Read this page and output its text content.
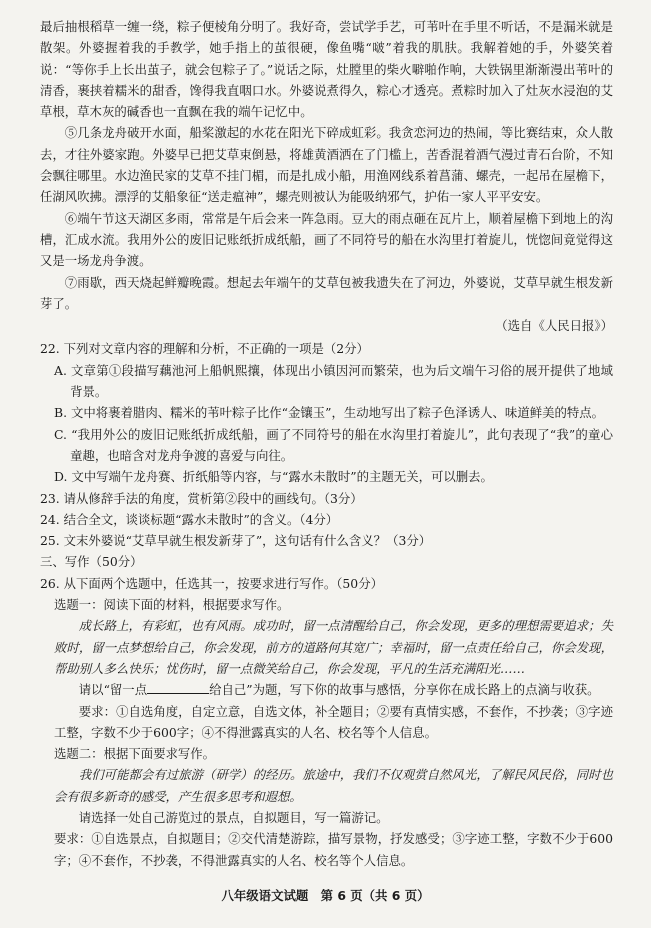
最后抽根稻草一缠一绕，粽子便棱角分明了。我好奇，尝试学手艺，可苇叶在手里不听话，不是漏米就是散架。外婆握着我的手教学，她手指上的茧很硬，像鱼嘴“啵”着我的肌肤。我解着她的手，外婆笑着说：“等你手上长出茧子，就会包粽子了。”说话之际，灶膛里的柴火噼啪作响，大铁锅里渐渐漫出苇叶的清香，裹挟着糯米的甜香，馋得我直咽口水。外婆说煮得久，粽心才透亮。煮粽时加入了灶灰水浸泡的艾草根，草木灰的碱香也一直飘在我的端午记忆中。

⑤几条龙舟破开水面，船桨激起的水花在阳光下碎成虹彩。我贪恋河边的热闹，等比赛结束，众人散去，才往外婆家跑。外婆早已把艾草束倒悬，将雄黄酒洒在了门槛上，苦香混着酒气漫过青石台阶，不知会飘往哪里。水边渔民家的艾草不挂门楣，而是扎成小船，用渔网线系着菖蒲、螺壳，一起吊在屋檐下，任湖风吹拂。漂浮的艾船象征“送走瘟神”，螺壳则被认为能吸纳邪气，护佑一家人平平安安。

⑥端午节这天湖区多雨，常常是午后会来一阵急雨。豆大的雨点砸在瓦片上，顺着屋檐下到地上的沟槽，汇成水流。我用外公的废旧记账纸折成纸船，画了不同符号的船在水沟里打着旋儿，恍惚间竟觉得这又是一场龙舟争渡。

⑦雨歇，西天烧起鲜瓣晚霞。想起去年端午的艾草包被我遗失在了河边，外婆说，艾草早就生根发新芽了。

（选自《人民日报》）

22. 下列对文章内容的理解和分析，不正确的一项是（2分）

A. 文章第①段描写藕池河上船帆熙攘，体现出小镇因河而繁荣，也为后文端午习俗的展开提供了地域背景。

B. 文中将裹着腊肉、糯米的苇叶粽子比作“金镶玉”，生动地写出了粽子色泽诱人、味道鲜美的特点。

C. “我用外公的废旧记账纸折成纸船，画了不同符号的船在水沟里打着旋儿”，此句表现了“我”的童心童趣，也暗含对龙舟争渡的喜爱与向往。

D. 文中写端午龙舟赛、折纸船等内容，与“露水未散时”的主题无关，可以删去。

23. 请从修辞手法的角度，赏析第②段中的画线句。（3分）

24. 结合全文，谈谈标题“露水未散时”的含义。（4分）

25. 文末外婆说“艾草早就生根发新芽了”，这句话有什么含义？（3分）

三、写作（50分）

26. 从下面两个选题中，任选其一，按要求进行写作。（50分）

选题一：阅读下面的材料，根据要求写作。

成长路上，有彩虹，也有风雨。成功时，留一点清醒给自己，你会发现，更多的理想需要追求；失败时，留一点梦想给自己，你会发现，前方的道路何其宽广；幸福时，留一点责任给自己，你会发现，帮助别人多么快乐；忧伤时，留一点微笑给自己，你会发现，平凡的生活充满阳光……

请以“留一点	给自己”为题，写下你的故事与感悟，分享你在成长路上的点滴与收获。

要求：①自选角度，自定立意，自选文体，补全题目；②要有真情实感，不套作，不抄袭；③字迹工整，字数不少于600字；④不得泄露真实的人名、校名等个人信息。

选题二：根据下面要求写作。

我们可能都会有过旅游（研学）的经历。旅途中，我们不仅观赏自然风光，了解民风民俗，同时也会有很多新奇的感受，产生很多思考和遐想。

请选择一处自己游览过的景点，自拟题目，写一篇游记。

要求：①自选景点，自拟题目；②交代清楚游踪，描写景物，抒发感受；③字迹工整，字数不少于600字；④不套作，不抄袭，不得泄露真实的人名、校名等个人信息。

八年级语文试题　第 6 页（共 6 页）
